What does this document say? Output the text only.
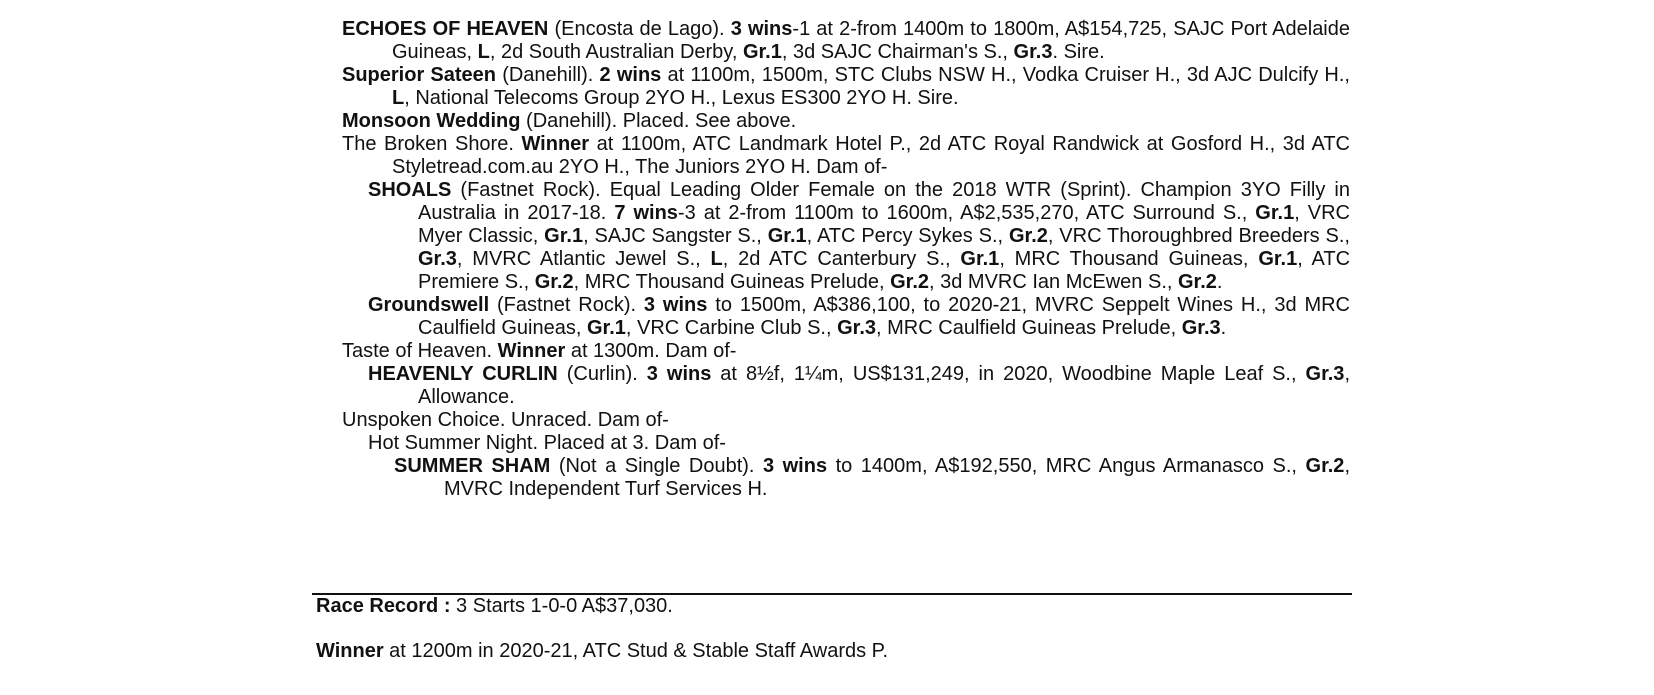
ECHOES OF HEAVEN (Encosta de Lago). 3 wins-1 at 2-from 1400m to 1800m, A$154,725, SAJC Port Adelaide Guineas, L, 2d South Australian Derby, Gr.1, 3d SAJC Chairman's S., Gr.3. Sire.

Superior Sateen (Danehill). 2 wins at 1100m, 1500m, STC Clubs NSW H., Vodka Cruiser H., 3d AJC Dulcify H., L, National Telecoms Group 2YO H., Lexus ES300 2YO H. Sire.

Monsoon Wedding (Danehill). Placed. See above.

The Broken Shore. Winner at 1100m, ATC Landmark Hotel P., 2d ATC Royal Randwick at Gosford H., 3d ATC Styletread.com.au 2YO H., The Juniors 2YO H. Dam of-

SHOALS (Fastnet Rock). Equal Leading Older Female on the 2018 WTR (Sprint). Champion 3YO Filly in Australia in 2017-18. 7 wins-3 at 2-from 1100m to 1600m, A$2,535,270, ATC Surround S., Gr.1, VRC Myer Classic, Gr.1, SAJC Sangster S., Gr.1, ATC Percy Sykes S., Gr.2, VRC Thoroughbred Breeders S., Gr.3, MVRC Atlantic Jewel S., L, 2d ATC Canterbury S., Gr.1, MRC Thousand Guineas, Gr.1, ATC Premiere S., Gr.2, MRC Thousand Guineas Prelude, Gr.2, 3d MVRC Ian McEwen S., Gr.2.

Groundswell (Fastnet Rock). 3 wins to 1500m, A$386,100, to 2020-21, MVRC Seppelt Wines H., 3d MRC Caulfield Guineas, Gr.1, VRC Carbine Club S., Gr.3, MRC Caulfield Guineas Prelude, Gr.3.

Taste of Heaven. Winner at 1300m. Dam of-

HEAVENLY CURLIN (Curlin). 3 wins at 8½f, 1¼m, US$131,249, in 2020, Woodbine Maple Leaf S., Gr.3, Allowance.

Unspoken Choice. Unraced. Dam of-

Hot Summer Night. Placed at 3. Dam of-

SUMMER SHAM (Not a Single Doubt). 3 wins to 1400m, A$192,550, MRC Angus Armanasco S., Gr.2, MVRC Independent Turf Services H.

Race Record : 3 Starts 1-0-0 A$37,030.

Winner at 1200m in 2020-21, ATC Stud & Stable Staff Awards P.
